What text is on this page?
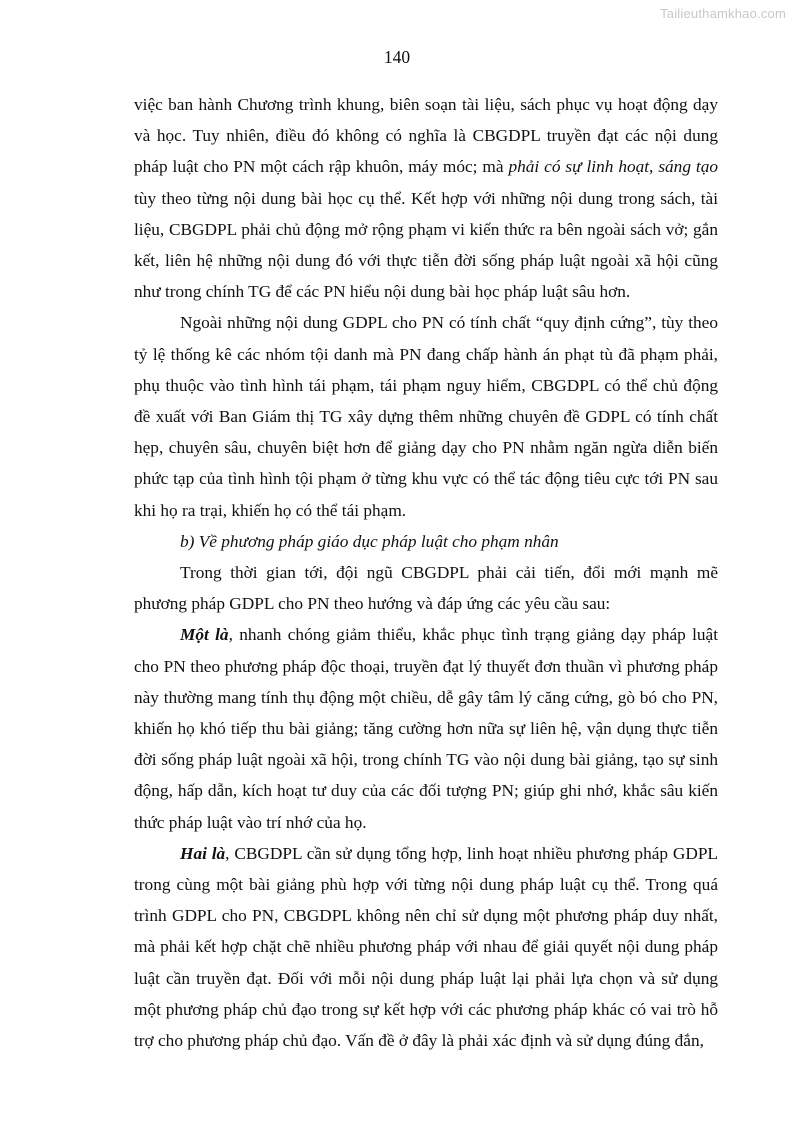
Tailieuthamkhao.com
140

việc ban hành Chương trình khung, biên soạn tài liệu, sách phục vụ hoạt động dạy và học. Tuy nhiên, điều đó không có nghĩa là CBGDPL truyền đạt các nội dung pháp luật cho PN một cách rập khuôn, máy móc; mà phải có sự linh hoạt, sáng tạo tùy theo từng nội dung bài học cụ thể. Kết hợp với những nội dung trong sách, tài liệu, CBGDPL phải chủ động mở rộng phạm vi kiến thức ra bên ngoài sách vở; gắn kết, liên hệ những nội dung đó với thực tiễn đời sống pháp luật ngoài xã hội cũng như trong chính TG để các PN hiểu nội dung bài học pháp luật sâu hơn.

Ngoài những nội dung GDPL cho PN có tính chất “quy định cứng”, tùy theo tỷ lệ thống kê các nhóm tội danh mà PN đang chấp hành án phạt tù đã phạm phải, phụ thuộc vào tình hình tái phạm, tái phạm nguy hiểm, CBGDPL có thể chủ động đề xuất với Ban Giám thị TG xây dựng thêm những chuyên đề GDPL có tính chất hẹp, chuyên sâu, chuyên biệt hơn để giảng dạy cho PN nhằm ngăn ngừa diễn biến phức tạp của tình hình tội phạm ở từng khu vực có thể tác động tiêu cực tới PN sau khi họ ra trại, khiến họ có thể tái phạm.

b) Về phương pháp giáo dục pháp luật cho phạm nhân

Trong thời gian tới, đội ngũ CBGDPL phải cải tiến, đổi mới mạnh mẽ phương pháp GDPL cho PN theo hướng và đáp ứng các yêu cầu sau:

Một là, nhanh chóng giảm thiểu, khắc phục tình trạng giảng dạy pháp luật cho PN theo phương pháp độc thoại, truyền đạt lý thuyết đơn thuần vì phương pháp này thường mang tính thụ động một chiều, dễ gây tâm lý căng cứng, gò bó cho PN, khiến họ khó tiếp thu bài giảng; tăng cường hơn nữa sự liên hệ, vận dụng thực tiễn đời sống pháp luật ngoài xã hội, trong chính TG vào nội dung bài giảng, tạo sự sinh động, hấp dẫn, kích hoạt tư duy của các đối tượng PN; giúp ghi nhớ, khắc sâu kiến thức pháp luật vào trí nhớ của họ.

Hai là, CBGDPL cần sử dụng tổng hợp, linh hoạt nhiều phương pháp GDPL trong cùng một bài giảng phù hợp với từng nội dung pháp luật cụ thể. Trong quá trình GDPL cho PN, CBGDPL không nên chỉ sử dụng một phương pháp duy nhất, mà phải kết hợp chặt chẽ nhiều phương pháp với nhau để giải quyết nội dung pháp luật cần truyền đạt. Đối với mỗi nội dung pháp luật lại phải lựa chọn và sử dụng một phương pháp chủ đạo trong sự kết hợp với các phương pháp khác có vai trò hỗ trợ cho phương pháp chủ đạo. Vấn đề ở đây là phải xác định và sử dụng đúng đắn,
